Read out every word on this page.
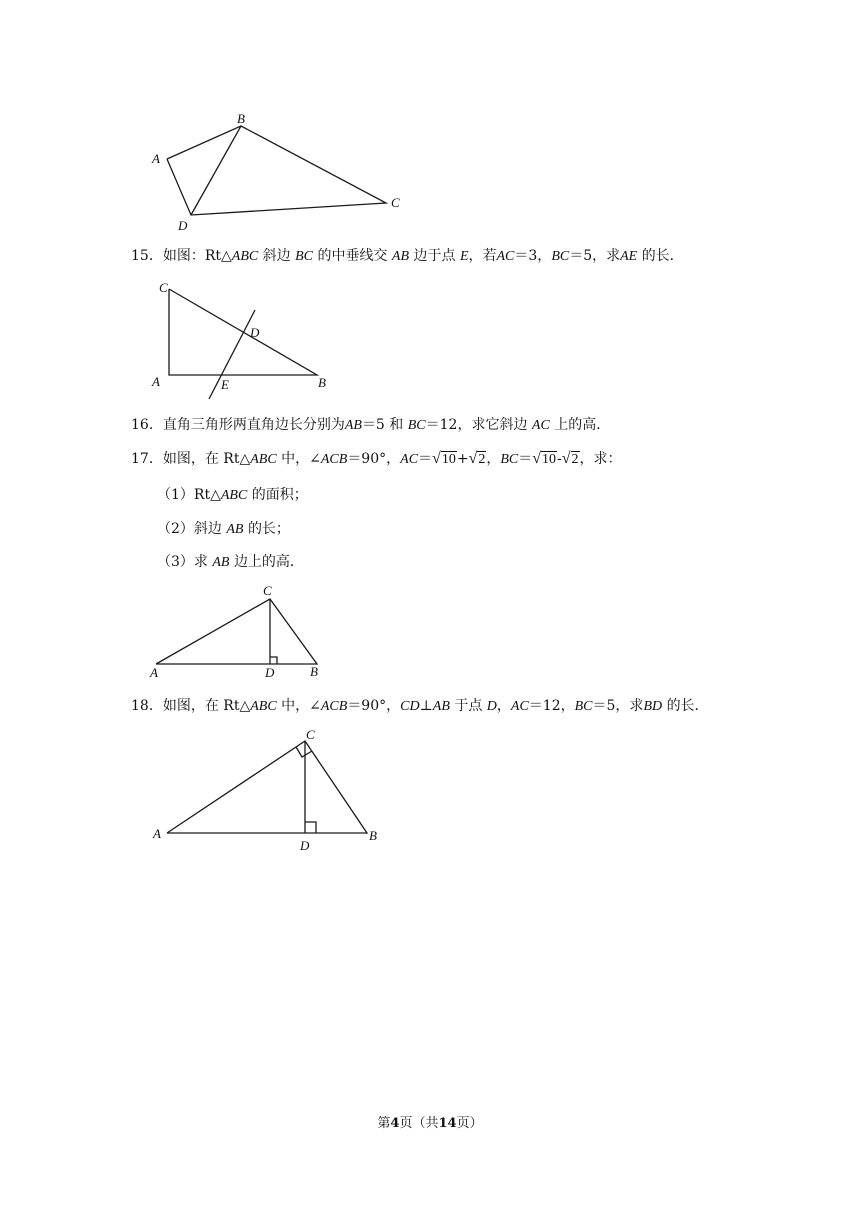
A
B
C
D
15．如图：Rt△ABC 斜边 BC 的中垂线交 AB 边于点 E，若AC＝3，BC＝5，求AE 的长．
C
D
A	E	B
16．直角三角形两直角边长分别为AB＝5 和 BC＝12，求它斜边 AC 上的高．
17．如图，在 Rt△ABC 中，∠ACB＝90°，AC＝√10+√2，BC＝√10-√2，求：
（1）Rt△ABC 的面积；
（2）斜边 AB 的长；
（3）求 AB 边上的高．
C
A	D	B
18．如图，在 Rt△ABC 中，∠ACB＝90°，CD⊥AB 于点 D，AC＝12，BC＝5，求BD 的长．
C
A
D
B
第4页（共14页）
